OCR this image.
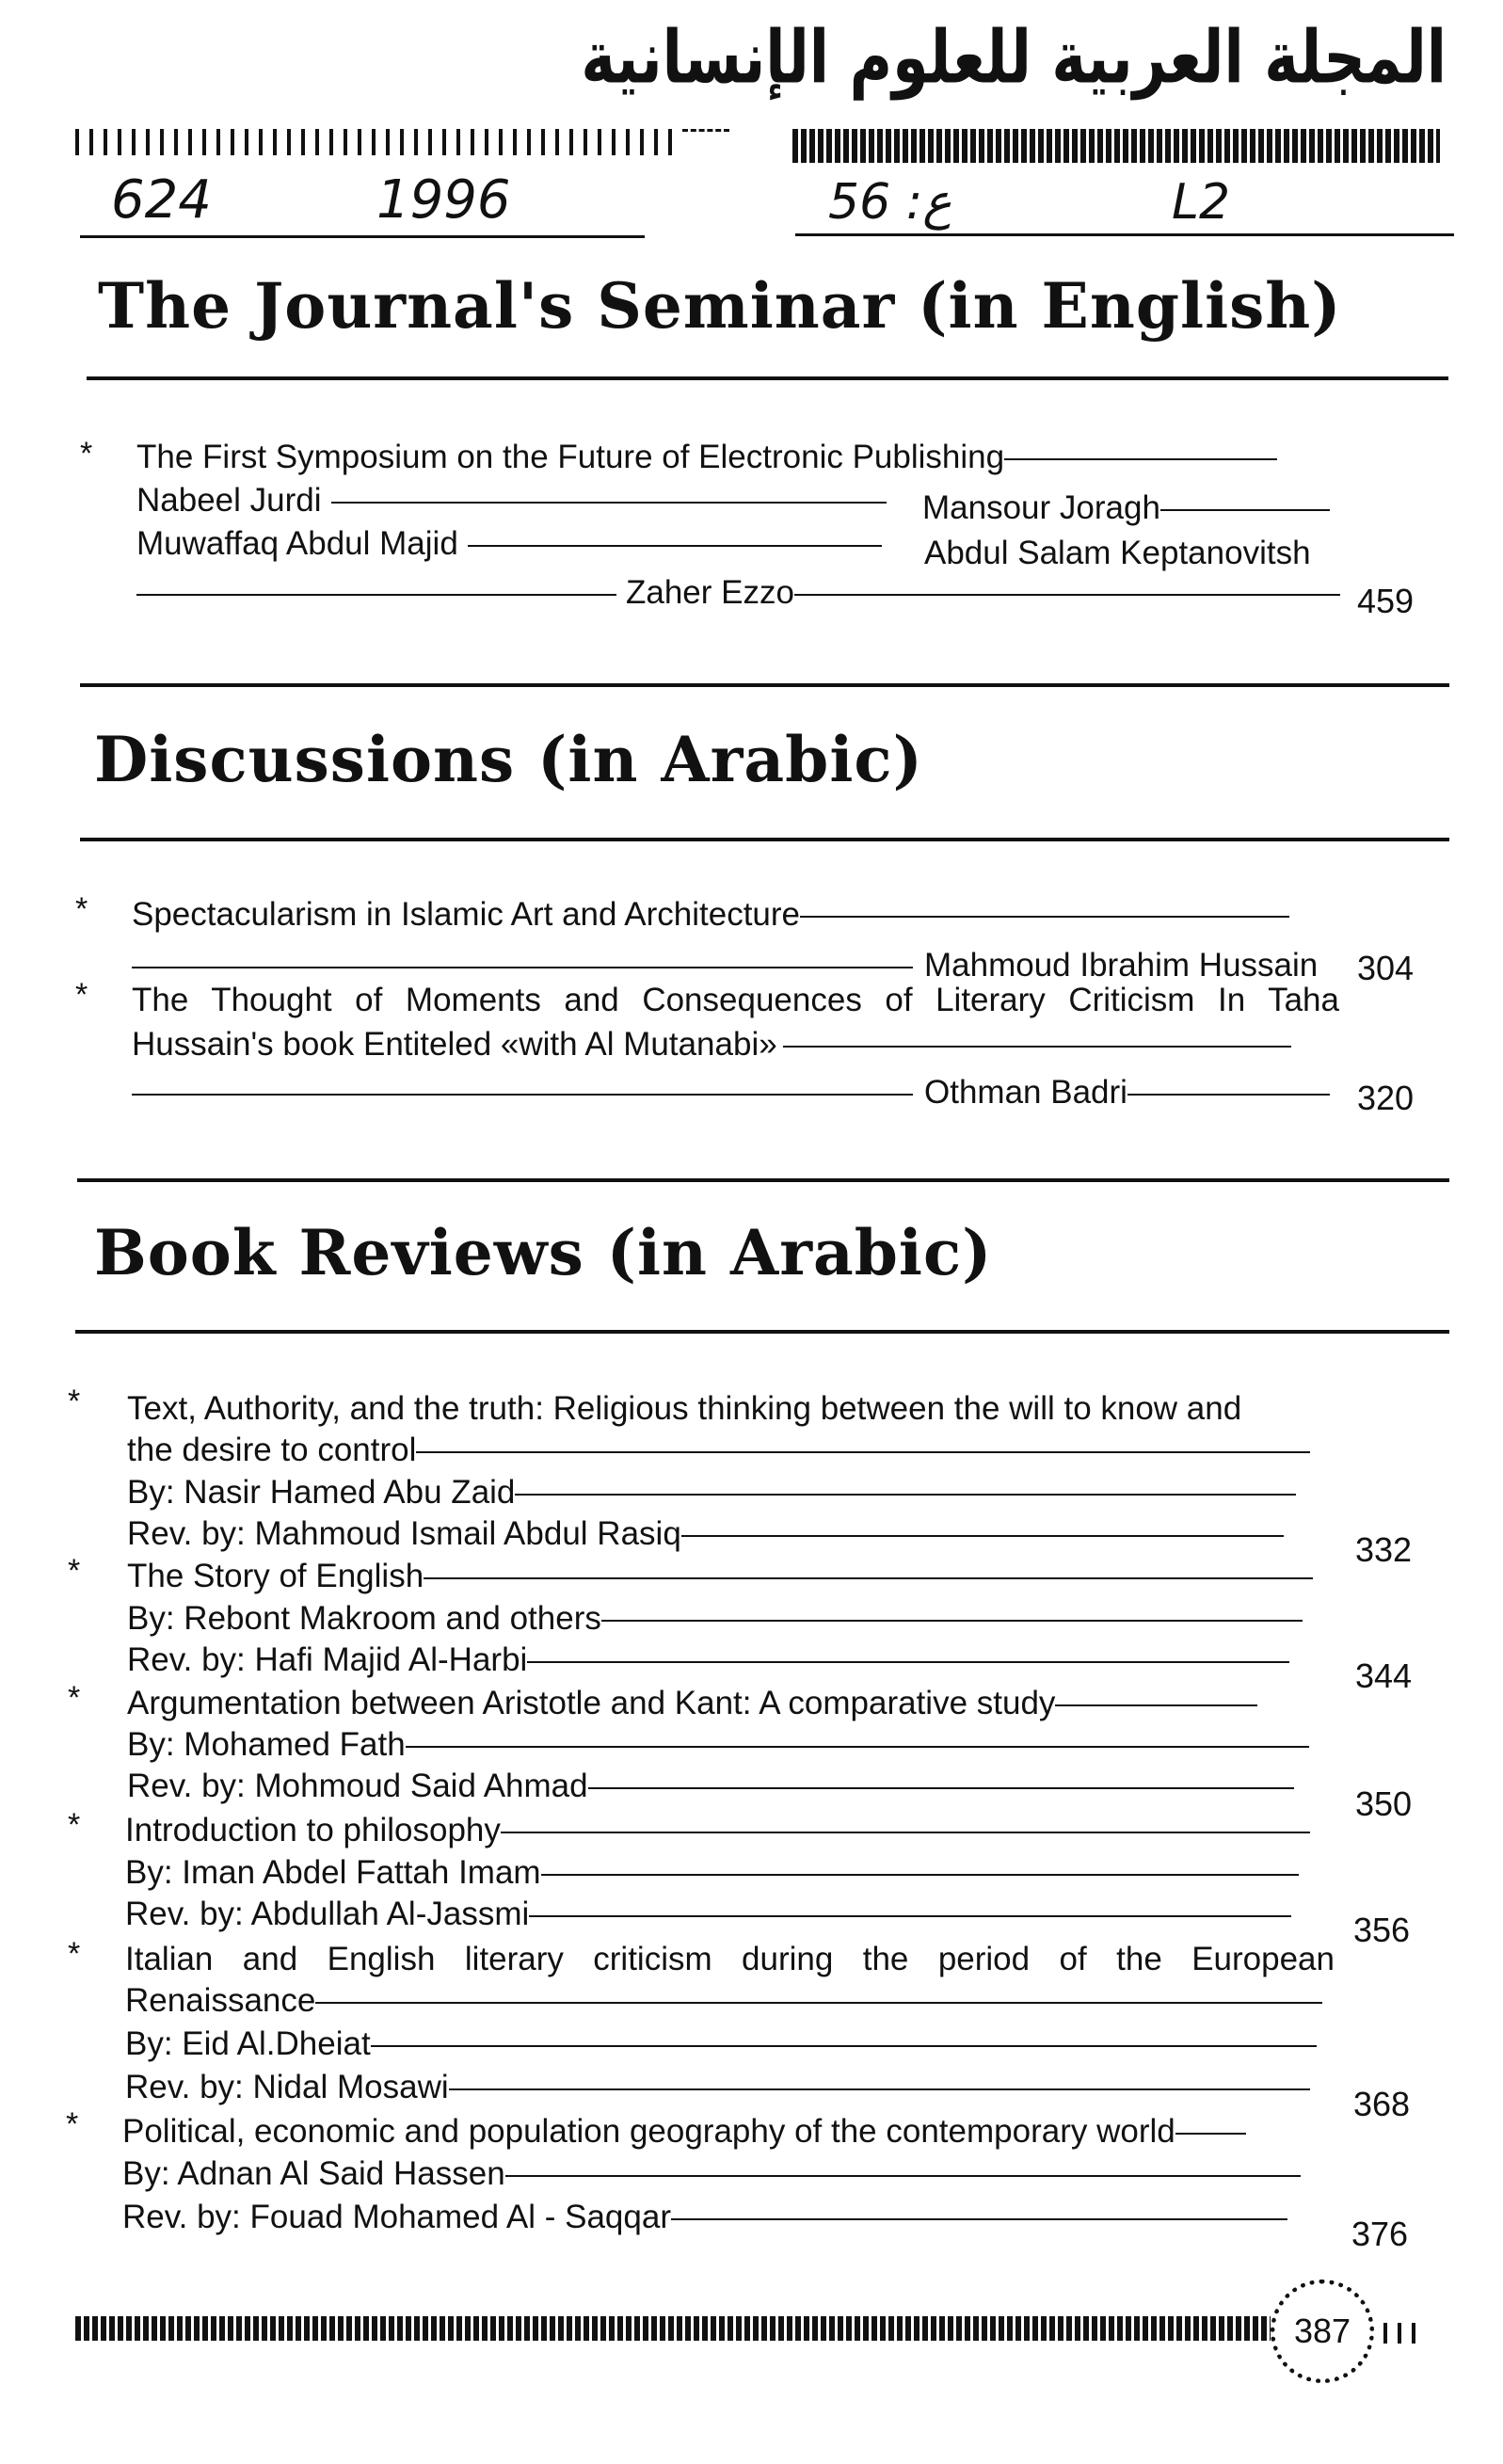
المجلة العربية للعلوم الإنسانية
624	1996	ع: 56	L2
The Journal's Seminar (in English)
* The First Symposium on the Future of Electronic Publishing
Nabeel Jurdi	Mansour Joragh
Muwaffaq Abdul Majid	Abdul Salam Keptanovitsh
Zaher Ezzo	459
Discussions (in Arabic)
* Spectacularism in Islamic Art and Architecture
Mahmoud Ibrahim Hussain 304
* The Thought of Moments and Consequences of Literary Criticism In Taha
Hussain's book Entiteled «with Al Mutanabi»
Othman Badri	320
Book Reviews (in Arabic)
* Text, Authority, and the truth: Religious thinking between the will to know and
the desire to control
By: Nasir Hamed Abu Zaid
Rev. by: Mahmoud Ismail Abdul Rasiq	332
* The Story of English
By: Rebont Makroom and others
Rev. by: Hafi Majid Al-Harbi	344
* Argumentation between Aristotle and Kant: A comparative study
By: Mohamed Fath
Rev. by: Mohmoud Said Ahmad	350
* Introduction to philosophy
By: Iman Abdel Fattah Imam
Rev. by: Abdullah Al-Jassmi	356
* Italian and English literary criticism during the period of the European
Renaissance
By: Eid Al.Dheiat
Rev. by: Nidal Mosawi	368
* Political, economic and population geography of the contemporary world
By: Adnan Al Said Hassen
Rev. by: Fouad Mohamed Al - Saqqar	376
387
